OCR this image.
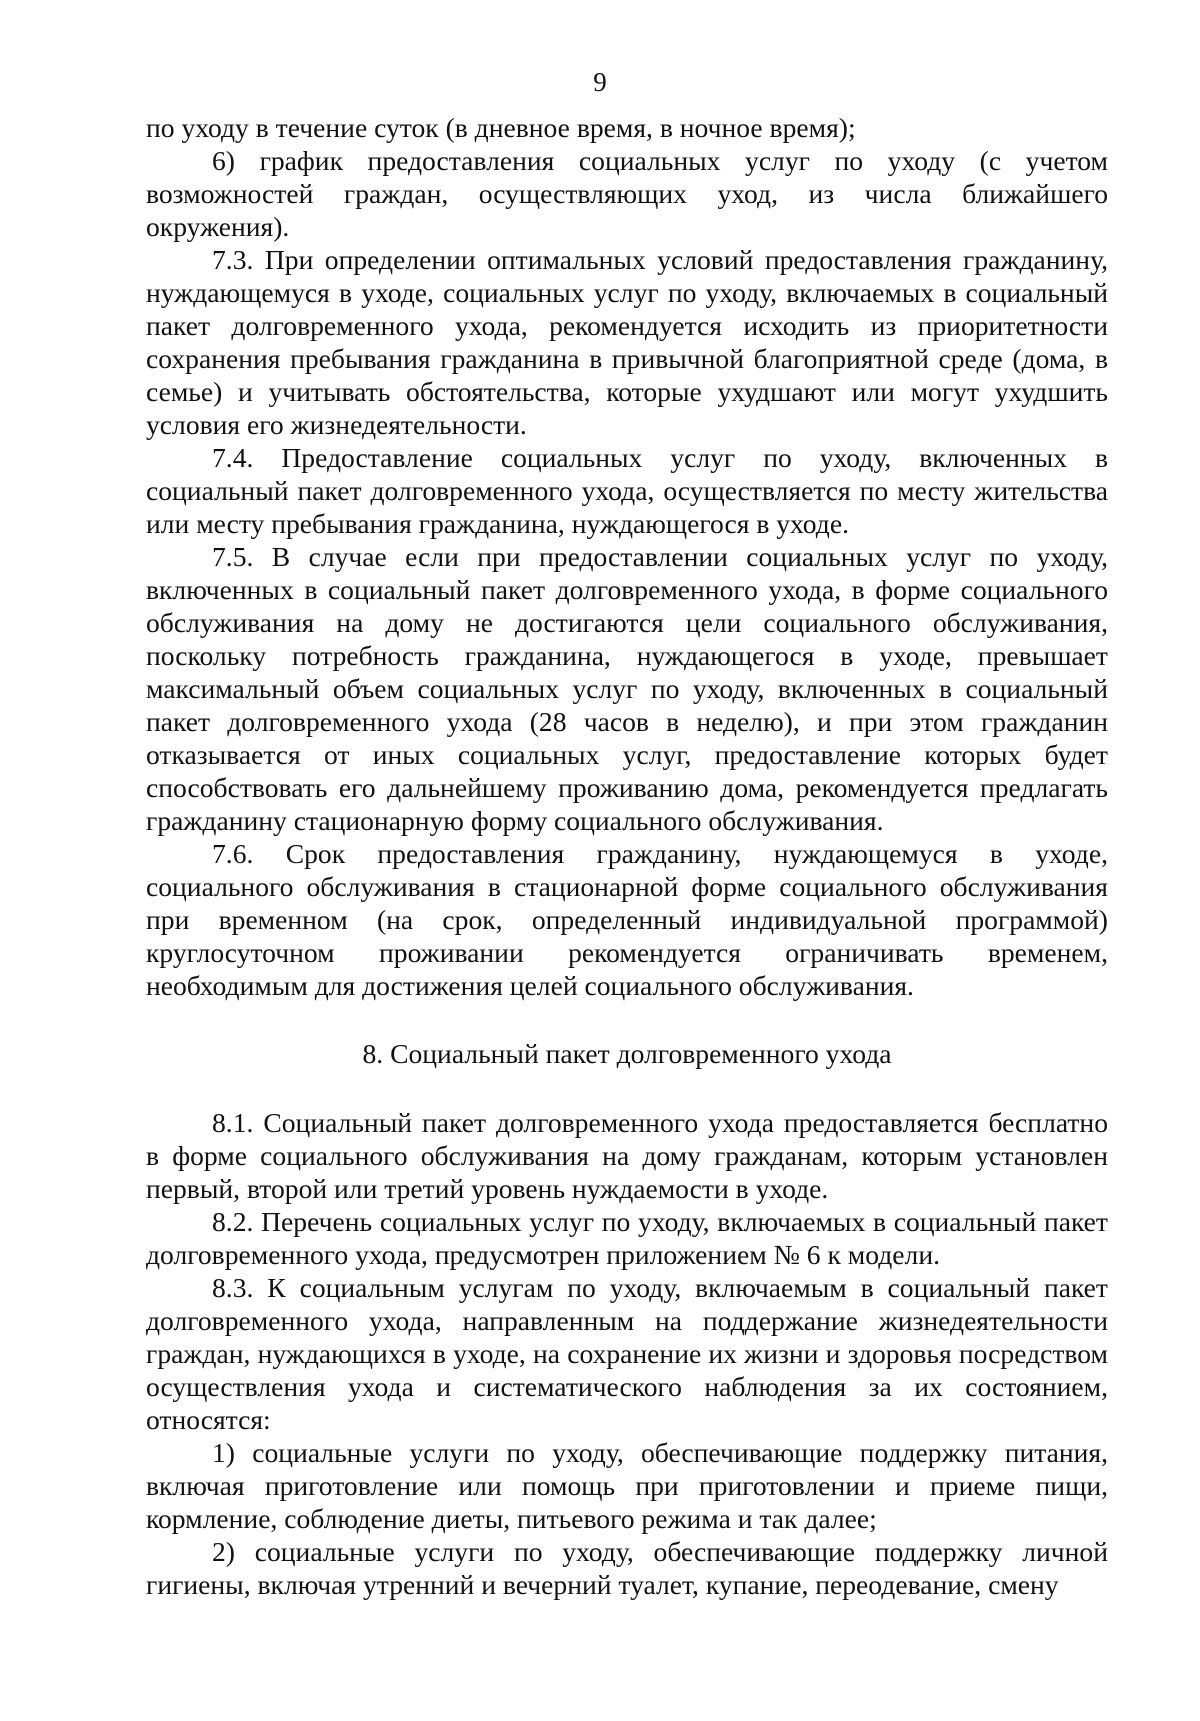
9

по уходу в течение суток (в дневное время, в ночное время);

6) график предоставления социальных услуг по уходу (с учетом возможностей граждан, осуществляющих уход, из числа ближайшего окружения).

7.3. При определении оптимальных условий предоставления гражданину, нуждающемуся в уходе, социальных услуг по уходу, включаемых в социальный пакет долговременного ухода, рекомендуется исходить из приоритетности сохранения пребывания гражданина в привычной благоприятной среде (дома, в семье) и учитывать обстоятельства, которые ухудшают или могут ухудшить условия его жизнедеятельности.

7.4. Предоставление социальных услуг по уходу, включенных в социальный пакет долговременного ухода, осуществляется по месту жительства или месту пребывания гражданина, нуждающегося в уходе.

7.5. В случае если при предоставлении социальных услуг по уходу, включенных в социальный пакет долговременного ухода, в форме социального обслуживания на дому не достигаются цели социального обслуживания, поскольку потребность гражданина, нуждающегося в уходе, превышает максимальный объем социальных услуг по уходу, включенных в социальный пакет долговременного ухода (28 часов в неделю), и при этом гражданин отказывается от иных социальных услуг, предоставление которых будет способствовать его дальнейшему проживанию дома, рекомендуется предлагать гражданину стационарную форму социального обслуживания.

7.6. Срок предоставления гражданину, нуждающемуся в уходе, социального обслуживания в стационарной форме социального обслуживания при временном (на срок, определенный индивидуальной программой) круглосуточном проживании рекомендуется ограничивать временем, необходимым для достижения целей социального обслуживания.

8. Социальный пакет долговременного ухода

8.1. Социальный пакет долговременного ухода предоставляется бесплатно в форме социального обслуживания на дому гражданам, которым установлен первый, второй или третий уровень нуждаемости в уходе.

8.2. Перечень социальных услуг по уходу, включаемых в социальный пакет долговременного ухода, предусмотрен приложением № 6 к модели.

8.3. К социальным услугам по уходу, включаемым в социальный пакет долговременного ухода, направленным на поддержание жизнедеятельности граждан, нуждающихся в уходе, на сохранение их жизни и здоровья посредством осуществления ухода и систематического наблюдения за их состоянием, относятся:

1) социальные услуги по уходу, обеспечивающие поддержку питания, включая приготовление или помощь при приготовлении и приеме пищи, кормление, соблюдение диеты, питьевого режима и так далее;

2) социальные услуги по уходу, обеспечивающие поддержку личной гигиены, включая утренний и вечерний туалет, купание, переодевание, смену
